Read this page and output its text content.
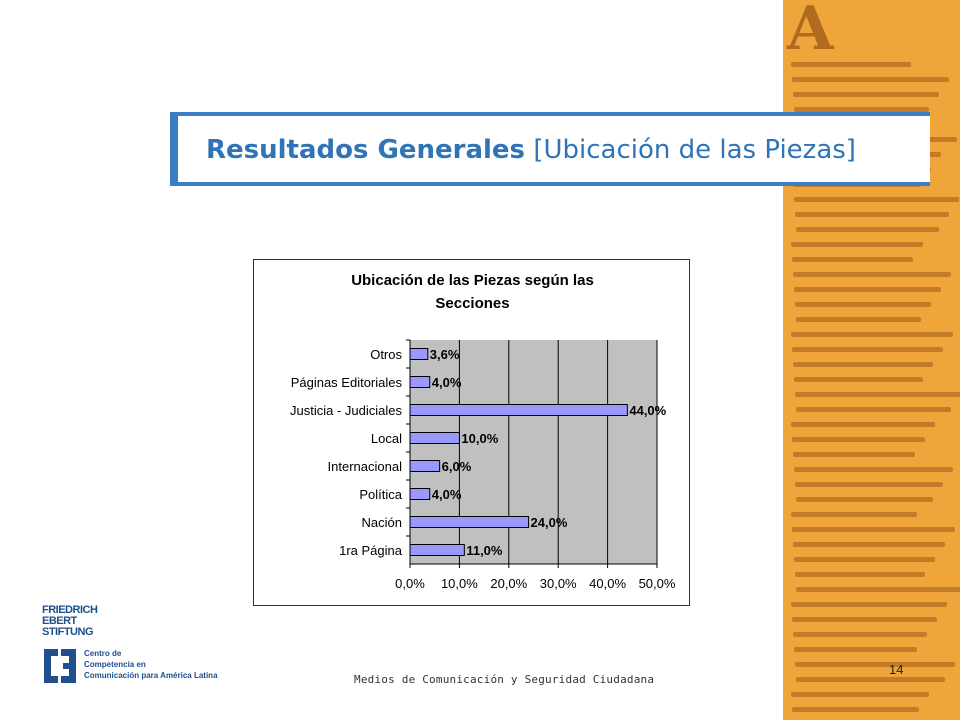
A
Resultados Generales [Ubicación de las Piezas]
Ubicación de las Piezas según las
Secciones
0,0% 10,0% 20,0% 30,0% 40,0% 50,0%
Otros 3,6%
Páginas Editoriales 4,0%
Justicia - Judiciales	44,0%
Local	10,0%
Internacional	6,0%
Política 4,0%
Nación	24,0%
1ra Página	11,0%
FRIEDRICH
EBERT
STIFTUNG
Centro de
Competencia en
Comunicación para América Latina	Medios de Comunicación y Seguridad Ciudadana
14
